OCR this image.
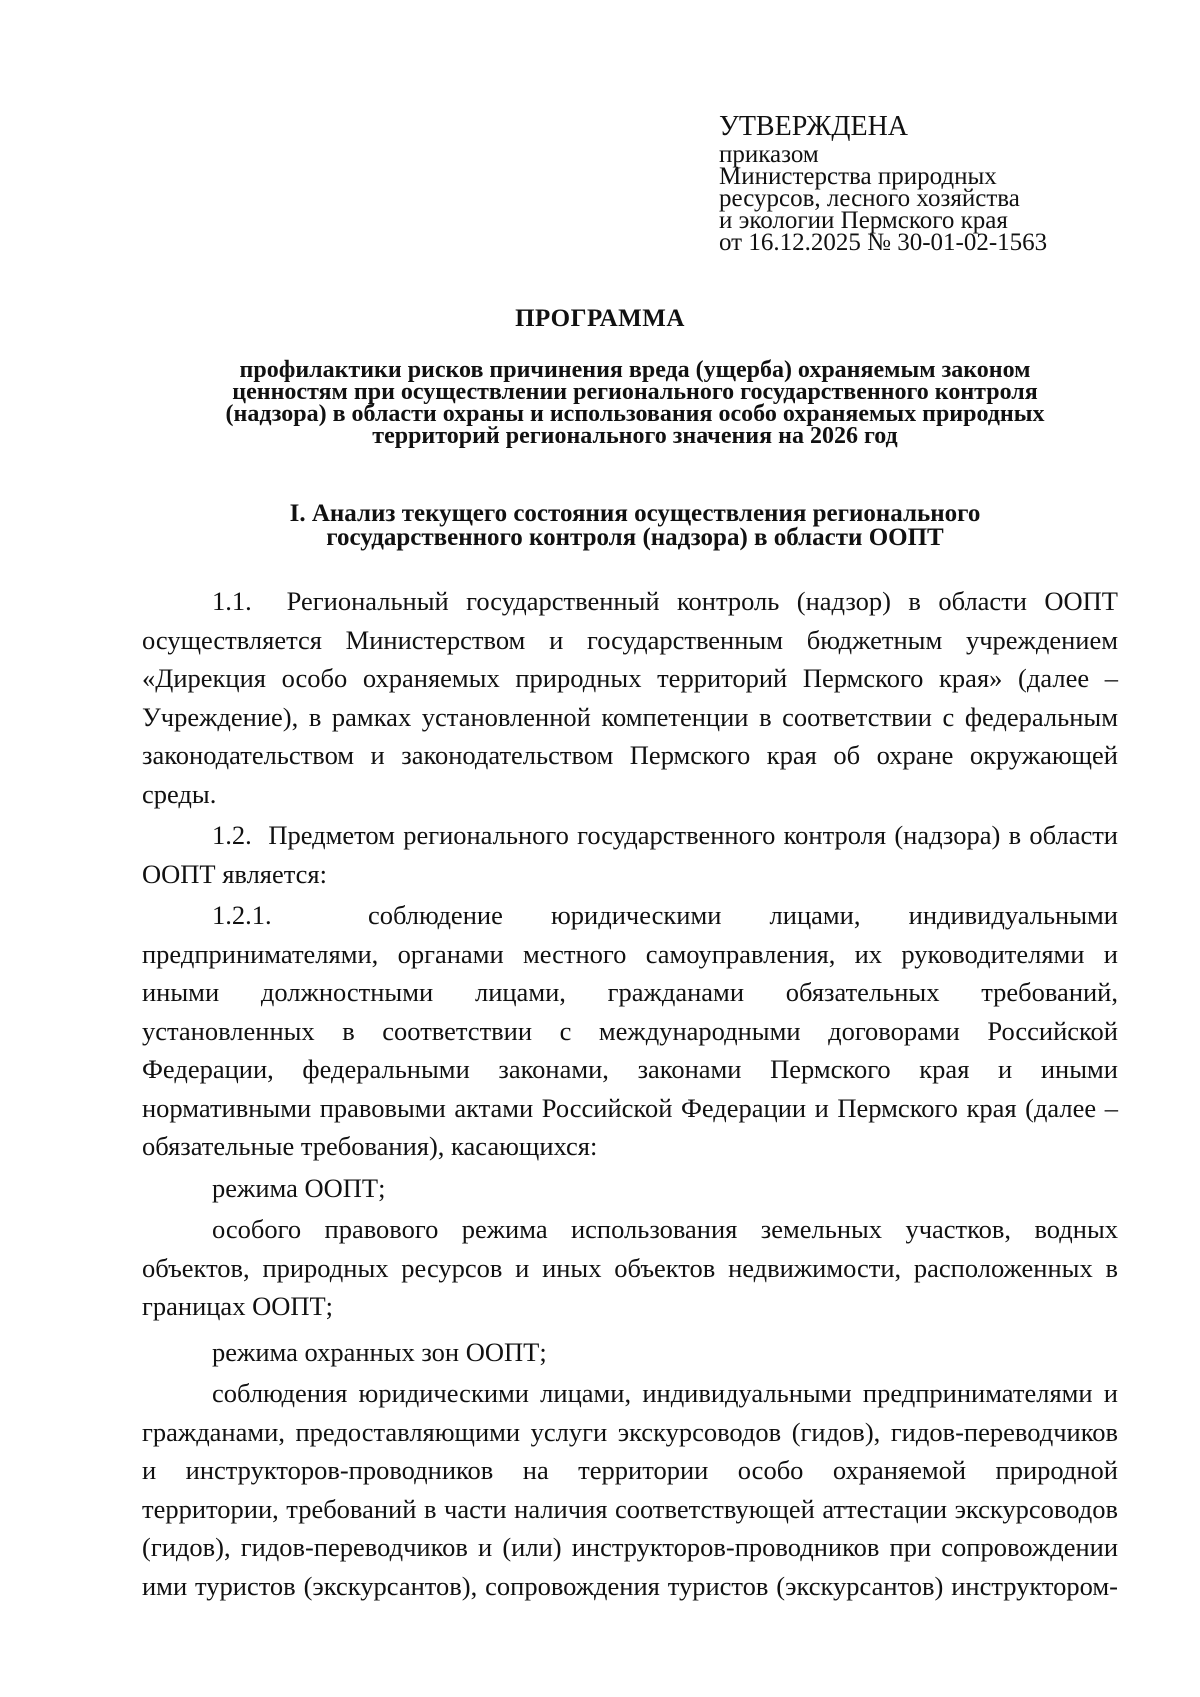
УТВЕРЖДЕНА
приказом
Министерства природных
ресурсов, лесного хозяйства
и экологии Пермского края
от 16.12.2025 № 30-01-02-1563
ПРОГРАММА
профилактики рисков причинения вреда (ущерба) охраняемым законом
ценностям при осуществлении регионального государственного контроля
(надзора) в области охраны и использования особо охраняемых природных
территорий регионального значения на 2026 год
I. Анализ текущего состояния осуществления регионального
государственного контроля (надзора) в области ООПТ

1.1.  Региональный государственный контроль (надзор) в области ООПТ осуществляется Министерством и государственным бюджетным учреждением «Дирекция особо охраняемых природных территорий Пермского края» (далее – Учреждение), в рамках установленной компетенции в соответствии с федеральным законодательством и законодательством Пермского края об охране окружающей среды.

1.2.  Предметом регионального государственного контроля (надзора) в области ООПТ является:

1.2.1.  соблюдение юридическими лицами, индивидуальными предпринимателями, органами местного самоуправления, их руководителями и иными должностными лицами, гражданами обязательных требований, установленных в соответствии с международными договорами Российской Федерации, федеральными законами, законами Пермского края и иными нормативными правовыми актами Российской Федерации и Пермского края (далее – обязательные требования), касающихся:

режима ООПТ;

особого правового режима использования земельных участков, водных объектов, природных ресурсов и иных объектов недвижимости, расположенных в границах ООПТ;

режима охранных зон ООПТ;

соблюдения юридическими лицами, индивидуальными предпринимателями и гражданами, предоставляющими услуги экскурсоводов (гидов), гидов-переводчиков и инструкторов-проводников на территории особо охраняемой природной территории, требований в части наличия соответствующей аттестации экскурсоводов (гидов), гидов-переводчиков и (или) инструкторов-проводников при сопровождении ими туристов (экскурсантов), сопровождения туристов (экскурсантов) инструктором-
